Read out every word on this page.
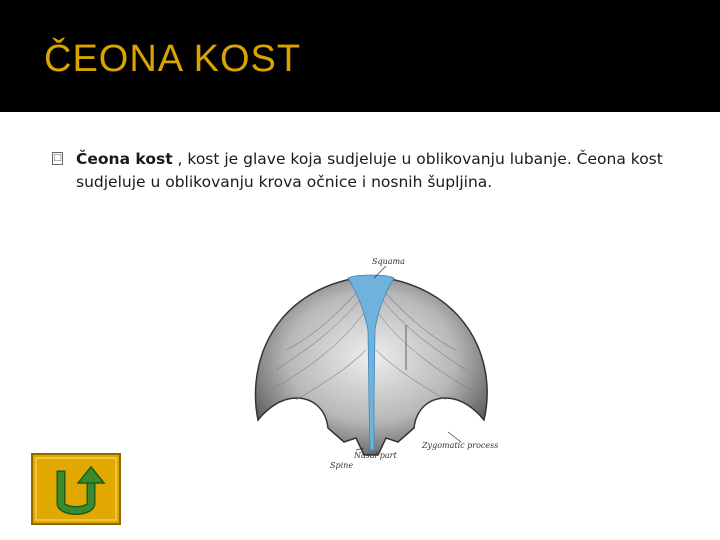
ČEONA KOST
□ Čeona kost , kost je glave koja sudjeluje u oblikovanju lubanje. Čeona kost sudjeluje u oblikovanju krova očnice i nosnih šupljina.
Squama
Zygomatic process
Nasal part
Spine
